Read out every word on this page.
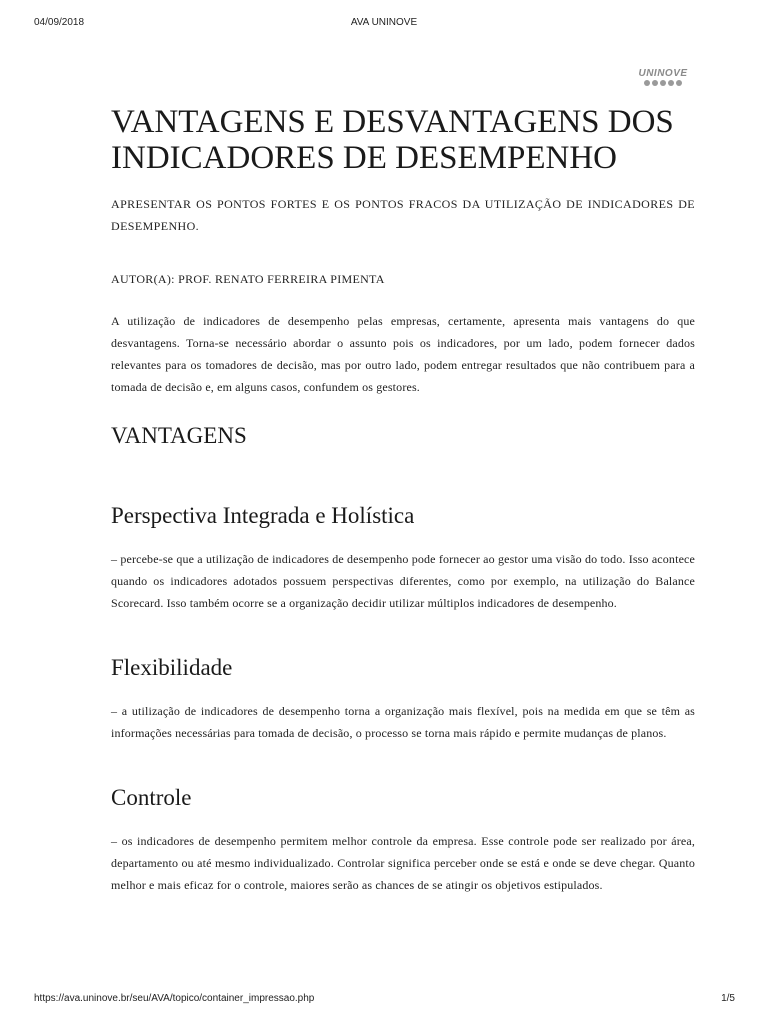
04/09/2018	AVA UNINOVE
UNINOVE
VANTAGENS E DESVANTAGENS DOS INDICADORES DE DESEMPENHO

APRESENTAR OS PONTOS FORTES E OS PONTOS FRACOS DA UTILIZAÇÃO DE INDICADORES DE DESEMPENHO.

AUTOR(A): PROF. RENATO FERREIRA PIMENTA

A utilização de indicadores de desempenho pelas empresas, certamente, apresenta mais vantagens do que desvantagens. Torna-se necessário abordar o assunto pois os indicadores, por um lado, podem fornecer dados relevantes para os tomadores de decisão, mas por outro lado, podem entregar resultados que não contribuem para a tomada de decisão e, em alguns casos, confundem os gestores.

VANTAGENS
Perspectiva Integrada e Holística

– percebe-se que a utilização de indicadores de desempenho pode fornecer ao gestor uma visão do todo. Isso acontece quando os indicadores adotados possuem perspectivas diferentes, como por exemplo, na utilização do Balance Scorecard. Isso também ocorre se a organização decidir utilizar múltiplos indicadores de desempenho.

Flexibilidade

– a utilização de indicadores de desempenho torna a organização mais flexível, pois na medida em que se têm as informações necessárias para tomada de decisão, o processo se torna mais rápido e permite mudanças de planos.

Controle

– os indicadores de desempenho permitem melhor controle da empresa. Esse controle pode ser realizado por área, departamento ou até mesmo individualizado. Controlar significa perceber onde se está e onde se deve chegar. Quanto melhor e mais eficaz for o controle, maiores serão as chances de se atingir os objetivos estipulados.

https://ava.uninove.br/seu/AVA/topico/container_impressao.php	1/5
